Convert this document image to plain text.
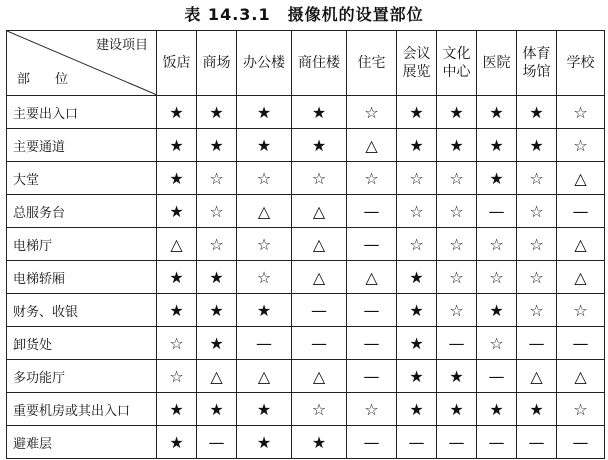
表 14.3.1　摄像机的设置部位
建设项目
部　位	饭店	商场	办公楼	商住楼	住宅	会议展览	文化中心	医院	体育场馆	学校
主要出入口	★	★	★	★	☆	★	★	★	★	☆
主要通道	★	★	★	★	△	★	★	★	★	☆
大堂	★	☆	☆	☆	☆	☆	☆	★	☆	△
总服务台	★	☆	△	△	—	☆	☆	—	☆	—
电梯厅	△	☆	☆	△	—	☆	☆	☆	☆	△
电梯轿厢	★	★	☆	△	△	★	☆	☆	☆	△
财务、收银	★	★	★	—	—	★	☆	★	☆	☆
卸货处	☆	★	—	—	—	★	—	☆	—	—
多功能厅	☆	△	△	△	—	★	★	—	△	△
重要机房或其出入口	★	★	★	☆	☆	★	★	★	★	☆
避难层	★	—	★	★	—	—	—	—	—	—
